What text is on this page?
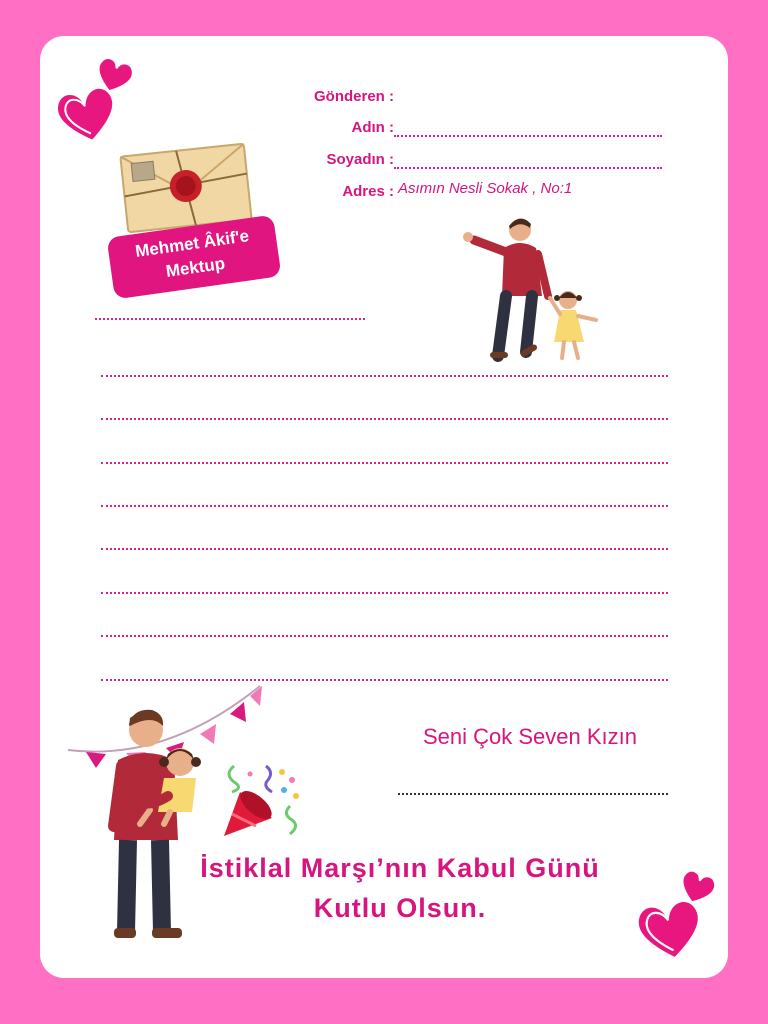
Mehmet Âkif'e
Mektup
Gönderen :
Adın :
Soyadın :
Adres : Asımın Nesli Sokak , No:1
Seni Çok Seven Kızın
İstiklal Marşı’nın Kabul Günü
Kutlu Olsun.
